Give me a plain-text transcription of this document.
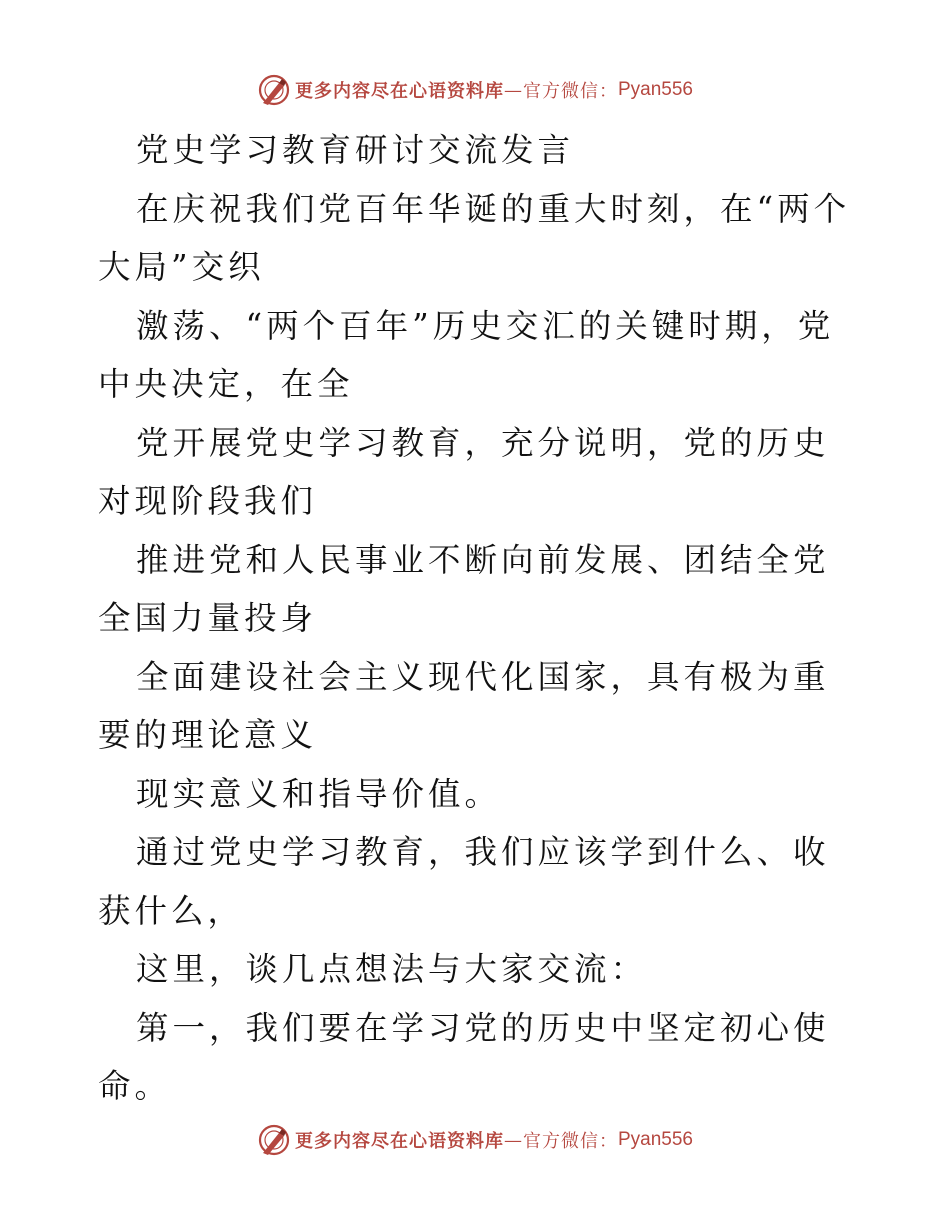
更多内容尽在心语资料库 — 官方微信： Pyan556

党史学习教育研讨交流发言

在庆祝我们党百年华诞的重大时刻，在“两个大局”交织

激荡、“两个百年”历史交汇的关键时期，党中央决定，在全

党开展党史学习教育，充分说明，党的历史对现阶段我们

推进党和人民事业不断向前发展、团结全党全国力量投身

全面建设社会主义现代化国家，具有极为重要的理论意义

现实意义和指导价值。

通过党史学习教育，我们应该学到什么、收获什么，

这里，谈几点想法与大家交流：

第一，我们要在学习党的历史中坚定初心使命。

更多内容尽在心语资料库 — 官方微信： Pyan556
